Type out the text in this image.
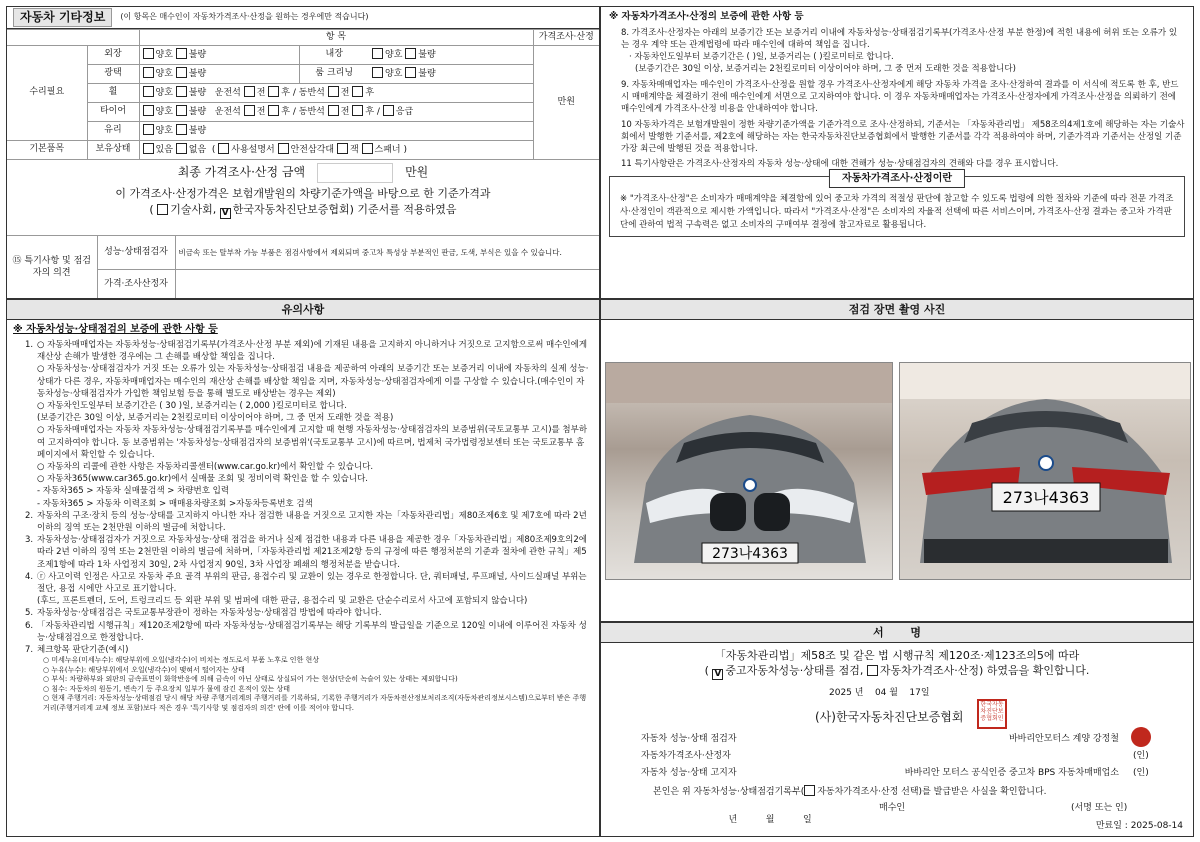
자동차 기타정보	(이 항목은 매수인이 자동차가격조사·산정을 원하는 경우에만 적습니다)
		항 목			가격조사·산정
수리필요	외장	양호 불량	내장	양호 불량	만원
	광택	양호 불량	룸 크리닝	양호 불량	
	휠	양호 불량 운전석 전 후 / 동반석 전 후			
	타이어	양호 불량 운전석 전 후 / 동반석 전 후 / 응급			
	유리	양호 불량			
기본품목	보유상태	있음 없음  ( 사용설명서 안전삼각대 잭 스패너 )			
최종 가격조사·산정 금액	만원
이 가격조사·산정가격은 보험개발원의 차량기준가액을 바탕으로 한 기준가격과
( 기술사회, V 한국자동차진단보증협회) 기준서를 적용하였음
⑮ 특기사항 및 점검자의 의견	성능·상태점검자	비금속 또는 탈부착 가능 부품은 점검사항에서 제외되며 중고차 특성상 부분적인 판금, 도색, 부식은 있을 수 있습니다.
	가격·조사산정자	
※ 자동차가격조사·산정의 보증에 관한 사항 등

8. 가격조사·산정자는 아래의 보증기간 또는 보증거리 이내에 자동차성능·상태점검기록부(가격조사·산정 부분 한정)에 적힌 내용에 허위 또는 오류가 있는 경우 계약 또는 관계법령에 따라 매수인에 대하여 책임을 집니다.

· 자동차인도일부터 보증기간은 ( )일, 보증거리는 ( )킬로미터로 합니다.

(보증기간은 30일 이상, 보증거리는 2천킬로미터 이상이어야 하며, 그 중 먼저 도래한 것을 적용합니다)

9. 자동차매매업자는 매수인이 가격조사·산정을 원할 경우 가격조사·산정자에게 해당 자동차 가격을 조사·산정하여 결과를 이 서식에 적도록 한 후, 반드시 매매계약을 체결하기 전에 매수인에게 서면으로 고지하여야 합니다. 이 경우 자동차매매업자는 가격조사·산정자에게 가격조사·산정을 의뢰하기 전에 매수인에게 가격조사·산정 비용을 안내하여야 합니다.

10 자동차가격은 보험개발원이 정한 차량기준가액을 기준가격으로 조사·산정하되, 기준서는 「자동차관리법」 제58조의4제1호에 해당하는 자는 기술사회에서 발행한 기준서를, 제2호에 해당하는 자는 한국자동차진단보증협회에서 발행한 기준서를 각각 적용하여야 하며, 기준가격과 기준서는 산정일 기준 가장 최근에 발행된 것을 적용합니다.

11 특기사항란은 가격조사·산정자의 자동차 성능·상태에 대한 견해가 성능·상태점검자의 견해와 다를 경우 표시합니다.

자동차가격조사·산정이란

※ "가격조사·산정"은 소비자가 매매계약을 체결함에 있어 중고차 가격의 적절성 판단에 참고할 수 있도록 법령에 의한 절차와 기준에 따라 전문 가격조사·산정인이 객관적으로 제시한 가액입니다. 따라서 "가격조사·산정"은 소비자의 자율적 선택에 따른 서비스이며, 가격조사·산정 결과는 중고차 가격판단에 관하여 법적 구속력은 없고 소비자의 구매여부 결정에 참고자료로 활용됩니다.

유의사항
※ 자동차성능·상태점검의 보증에 관한 사항 등
1. ○ 자동차매매업자는 자동차성능·상태점검기록부(가격조사·산정 부분 제외)에 기재된 내용을 고지하지 아니하거나 거짓으로 고지함으로써 매수인에게 재산상 손해가 발생한 경우에는 그 손해를 배상할 책임을 집니다.
○ 자동차성능·상태점검자가 거짓 또는 오류가 있는 자동차성능·상태점검 내용을 제공하여 아래의 보증기간 또는 보증거리 이내에 자동차의 실제 성능·상태가 다른 경우, 자동차매매업자는 매수인의 재산상 손해를 배상할 책임을 지며, 자동차성능·상태점검자에게 이를 구상할 수 있습니다.(매수인이 자동차성능·상태점검자가 가입한 책임보험 등을 통해 별도로 배상받는 경우는 제외)
○ 자동차인도일부터 보증기간은 ( 30 )일, 보증거리는 ( 2,000 )킬로미터로 합니다.
(보증기간은 30일 이상, 보증거리는 2천킬로미터 이상이어야 하며, 그 중 먼저 도래한 것을 적용)
○ 자동차매매업자는 자동차 자동차성능·상태점검기록부를 매수인에게 고지할 때 현행 자동차성능·상태점검자의 보증범위(국토교통부 고시)를 첨부하여 고지하여야 합니다. 동 보증범위는 '자동차성능·상태점검자의 보증범위'(국토교통부 고시)에 따르며, 법제처 국가법령정보센터 또는 국토교통부 홈페이지에서 확인할 수 있습니다.
○ 자동차의 리콜에 관한 사항은 자동차리콜센터(www.car.go.kr)에서 확인할 수 있습니다.
○ 자동차365(www.car365.go.kr)에서 실매물 조회 및 정비이력 확인을 할 수 있습니다.
- 자동차365 > 자동차 실매물검색 > 차량번호 입력
- 자동차365 > 자동차 이력조회 > 매매용차량조회 >자동차등록번호 검색
2. 자동차의 구조·장치 등의 성능·상태를 고지하지 아니한 자나 점검한 내용을 거짓으로 고지한 자는「자동차관리법」제80조제6호 및 제7호에 따라 2년 이하의 징역 또는 2천만원 이하의 벌금에 처합니다.
3. 자동차성능·상태점검자가 거짓으로 자동차성능·상태 점검을 하거나 실제 점검한 내용과 다른 내용을 제공한 경우「자동차관리법」제80조제9호의2에 따라 2년 이하의 징역 또는 2천만원 이하의 벌금에 처하며,「자동차관리법 제21조제2항 등의 규정에 따른 행정처분의 기준과 절차에 관한 규칙」제5조제1항에 따라 1차 사업정지 30일, 2차 사업정지 90일, 3차 사업장 폐쇄의 행정처분을 받습니다.
4. ⓡ 사고이력 인정은 사고로 자동차 주요 골격 부위의 판금, 용접수리 및 교환이 있는 경우로 한정합니다. 단, 쿼터패널, 루프패널, 사이드실패널 부위는 절단, 용접 시에만 사고로 표기합니다.
(후드, 프론트펜더, 도어, 트렁크리드 등 외판 부위 및 범퍼에 대한 판금, 용접수리 및 교환은 단순수리로서 사고에 포함되지 않습니다)
5. 자동차성능·상태점검은 국토교통부장관이 정하는 자동차성능·상태점검 방법에 따라야 합니다.
6. 「자동차관리법 시행규칙」제120조제2항에 따라 자동차성능·상태점검기록부는 해당 기록부의 발급일을 기준으로 120일 이내에 이루어진 자동차 성능·상태점검으로 한정합니다.
7. 체크항목 판단기준(예시)
○ 미세누유(미세누수): 해당부위에 오일(냉각수)이 비치는 정도로서 부품 노후로 인한 현상
○ 누유(누수): 해당부위에서 오일(냉각수)이 맺혀서 떨어지는 상태
○ 부식: 차량하부와 외판의 금속표면이 화학반응에 의해 금속이 아닌 상태로 상실되어 가는 현상(단순히 녹슬어 있는 상태는 제외합니다)
○ 침수: 자동차의 원동기, 변속기 등 주요장치 일부가 물에 잠긴 흔적이 있는 상태
○ 현재 주행거리: 자동차성능·상태점검 당시 해당 차량 주행거리계의 주행거리를 기록하되, 기록한 주행거리가 자동차전산정보처리조직(자동차관리정보시스템)으로부터 받은 주행거리(주행거리계 교체 정보 포함)보다 적은 경우 '특기사항 및 점검자의 의견' 란에 이를 적어야 합니다.
점검 장면 촬영 사진
273나4363
273나4363
서       명
「자동차관리법」제58조 및 같은 법 시행규칙 제120조·제123조의5에 따라
( V 중고자동차성능·상태를 점검, 자동차가격조사·산정) 하였음을 확인합니다.
2025 년 04 월 17일
(사)한국자동차진단보증협회
한국자동차진단보증협회인
자동차 성능·상태 점검자	바바리안모터스 계양 강정철
자동차가격조사·산정자	(인)
자동차 성능·상태 고지자	바바리안 모터스 공식인증 중고차 BPS 자동차매매업소	(인)
본인은 위 자동차성능·상태점검기록부( 자동차가격조사·산정 선택)를 발급받은 사실을 확인합니다.

년          월          일

매수인	(서명 또는 인)
만료일 : 2025-08-14
